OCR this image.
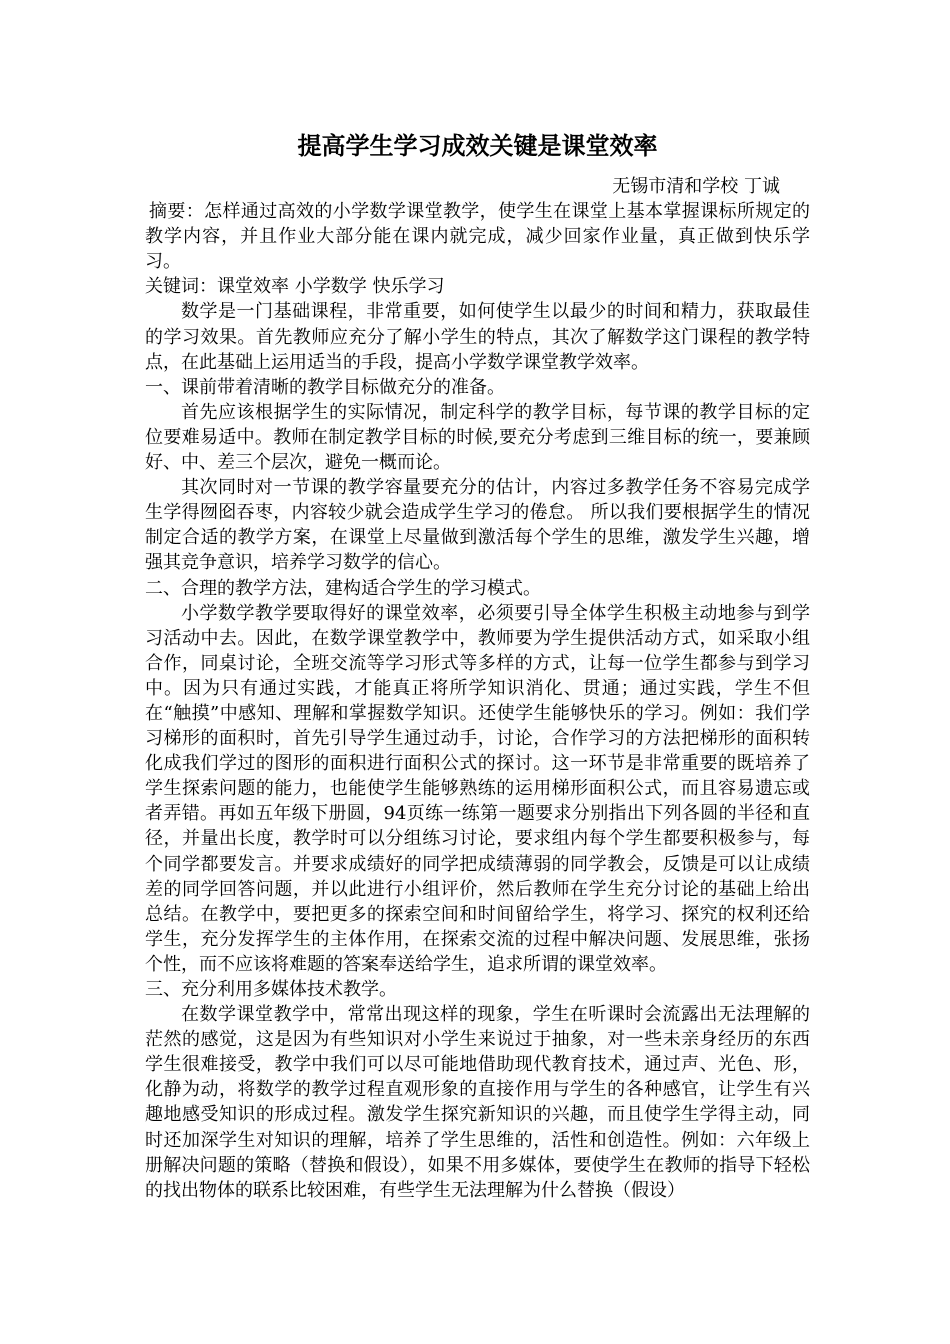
提高学生学习成效关键是课堂效率

无锡市清和学校 丁诚

摘要：怎样通过高效的小学数学课堂教学，使学生在课堂上基本掌握课标所规定的教学内容，并且作业大部分能在课内就完成，减少回家作业量，真正做到快乐学习。

关键词：课堂效率 小学数学 快乐学习

数学是一门基础课程，非常重要，如何使学生以最少的时间和精力，获取最佳的学习效果。首先教师应充分了解小学生的特点，其次了解数学这门课程的教学特点，在此基础上运用适当的手段，提高小学数学课堂教学效率。

一、课前带着清晰的教学目标做充分的准备。

首先应该根据学生的实际情况，制定科学的教学目标，每节课的教学目标的定位要难易适中。教师在制定教学目标的时候,要充分考虑到三维目标的统一，要兼顾好、中、差三个层次，避免一概而论。

其次同时对一节课的教学容量要充分的估计，内容过多教学任务不容易完成学生学得囫囵吞枣，内容较少就会造成学生学习的倦怠。 所以我们要根据学生的情况制定合适的教学方案，在课堂上尽量做到激活每个学生的思维，激发学生兴趣，增强其竞争意识，培养学习数学的信心。

二、合理的教学方法，建构适合学生的学习模式。

小学数学教学要取得好的课堂效率，必须要引导全体学生积极主动地参与到学习活动中去。因此，在数学课堂教学中，教师要为学生提供活动方式，如采取小组合作，同桌讨论，全班交流等学习形式等多样的方式，让每一位学生都参与到学习中。因为只有通过实践，才能真正将所学知识消化、贯通；通过实践，学生不但在“触摸”中感知、理解和掌握数学知识。还使学生能够快乐的学习。例如：我们学习梯形的面积时，首先引导学生通过动手，讨论，合作学习的方法把梯形的面积转化成我们学过的图形的面积进行面积公式的探讨。这一环节是非常重要的既培养了学生探索问题的能力，也能使学生能够熟练的运用梯形面积公式，而且容易遗忘或者弄错。再如五年级下册圆，94页练一练第一题要求分别指出下列各圆的半径和直径，并量出长度，教学时可以分组练习讨论，要求组内每个学生都要积极参与，每个同学都要发言。并要求成绩好的同学把成绩薄弱的同学教会，反馈是可以让成绩差的同学回答问题，并以此进行小组评价，然后教师在学生充分讨论的基础上给出总结。在教学中，要把更多的探索空间和时间留给学生，将学习、探究的权利还给学生，充分发挥学生的主体作用，在探索交流的过程中解决问题、发展思维，张扬个性，而不应该将难题的答案奉送给学生，追求所谓的课堂效率。

三、充分利用多媒体技术教学。

在数学课堂教学中，常常出现这样的现象，学生在听课时会流露出无法理解的茫然的感觉，这是因为有些知识对小学生来说过于抽象，对一些未亲身经历的东西学生很难接受，教学中我们可以尽可能地借助现代教育技术，通过声、光色、形，化静为动，将数学的教学过程直观形象的直接作用与学生的各种感官，让学生有兴趣地感受知识的形成过程。激发学生探究新知识的兴趣，而且使学生学得主动，同时还加深学生对知识的理解，培养了学生思维的，活性和创造性。例如：六年级上册解决问题的策略（替换和假设），如果不用多媒体，要使学生在教师的指导下轻松的找出物体的联系比较困难，有些学生无法理解为什么替换（假设）
